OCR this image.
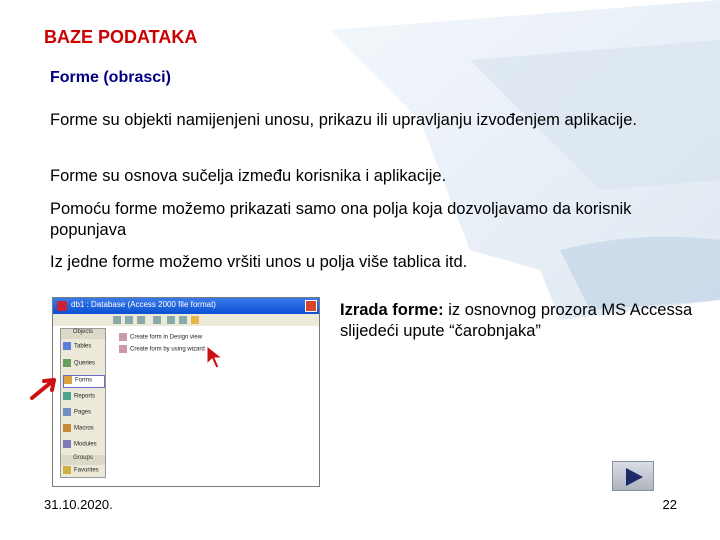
BAZE PODATAKA
Forme (obrasci)
Forme su objekti namijenjeni unosu, prikazu ili upravljanju izvođenjem aplikacije.
Forme su osnova sučelja između korisnika i aplikacije.
Pomoću forme možemo prikazati samo ona polja koja dozvoljavamo da korisnik popunjava
Iz jedne forme možemo vršiti unos u polja više tablica itd.
db1 : Database (Access 2000 file format)
Objects
Tables
Queries
Forms
Reports
Pages
Macros
Modules
Groups
Favorites
Create form in Design view
Create form by using wizard
Izrada forme: iz osnovnog prozora MS Accessa slijedeći upute “čarobnjaka”
31.10.2020.	22
